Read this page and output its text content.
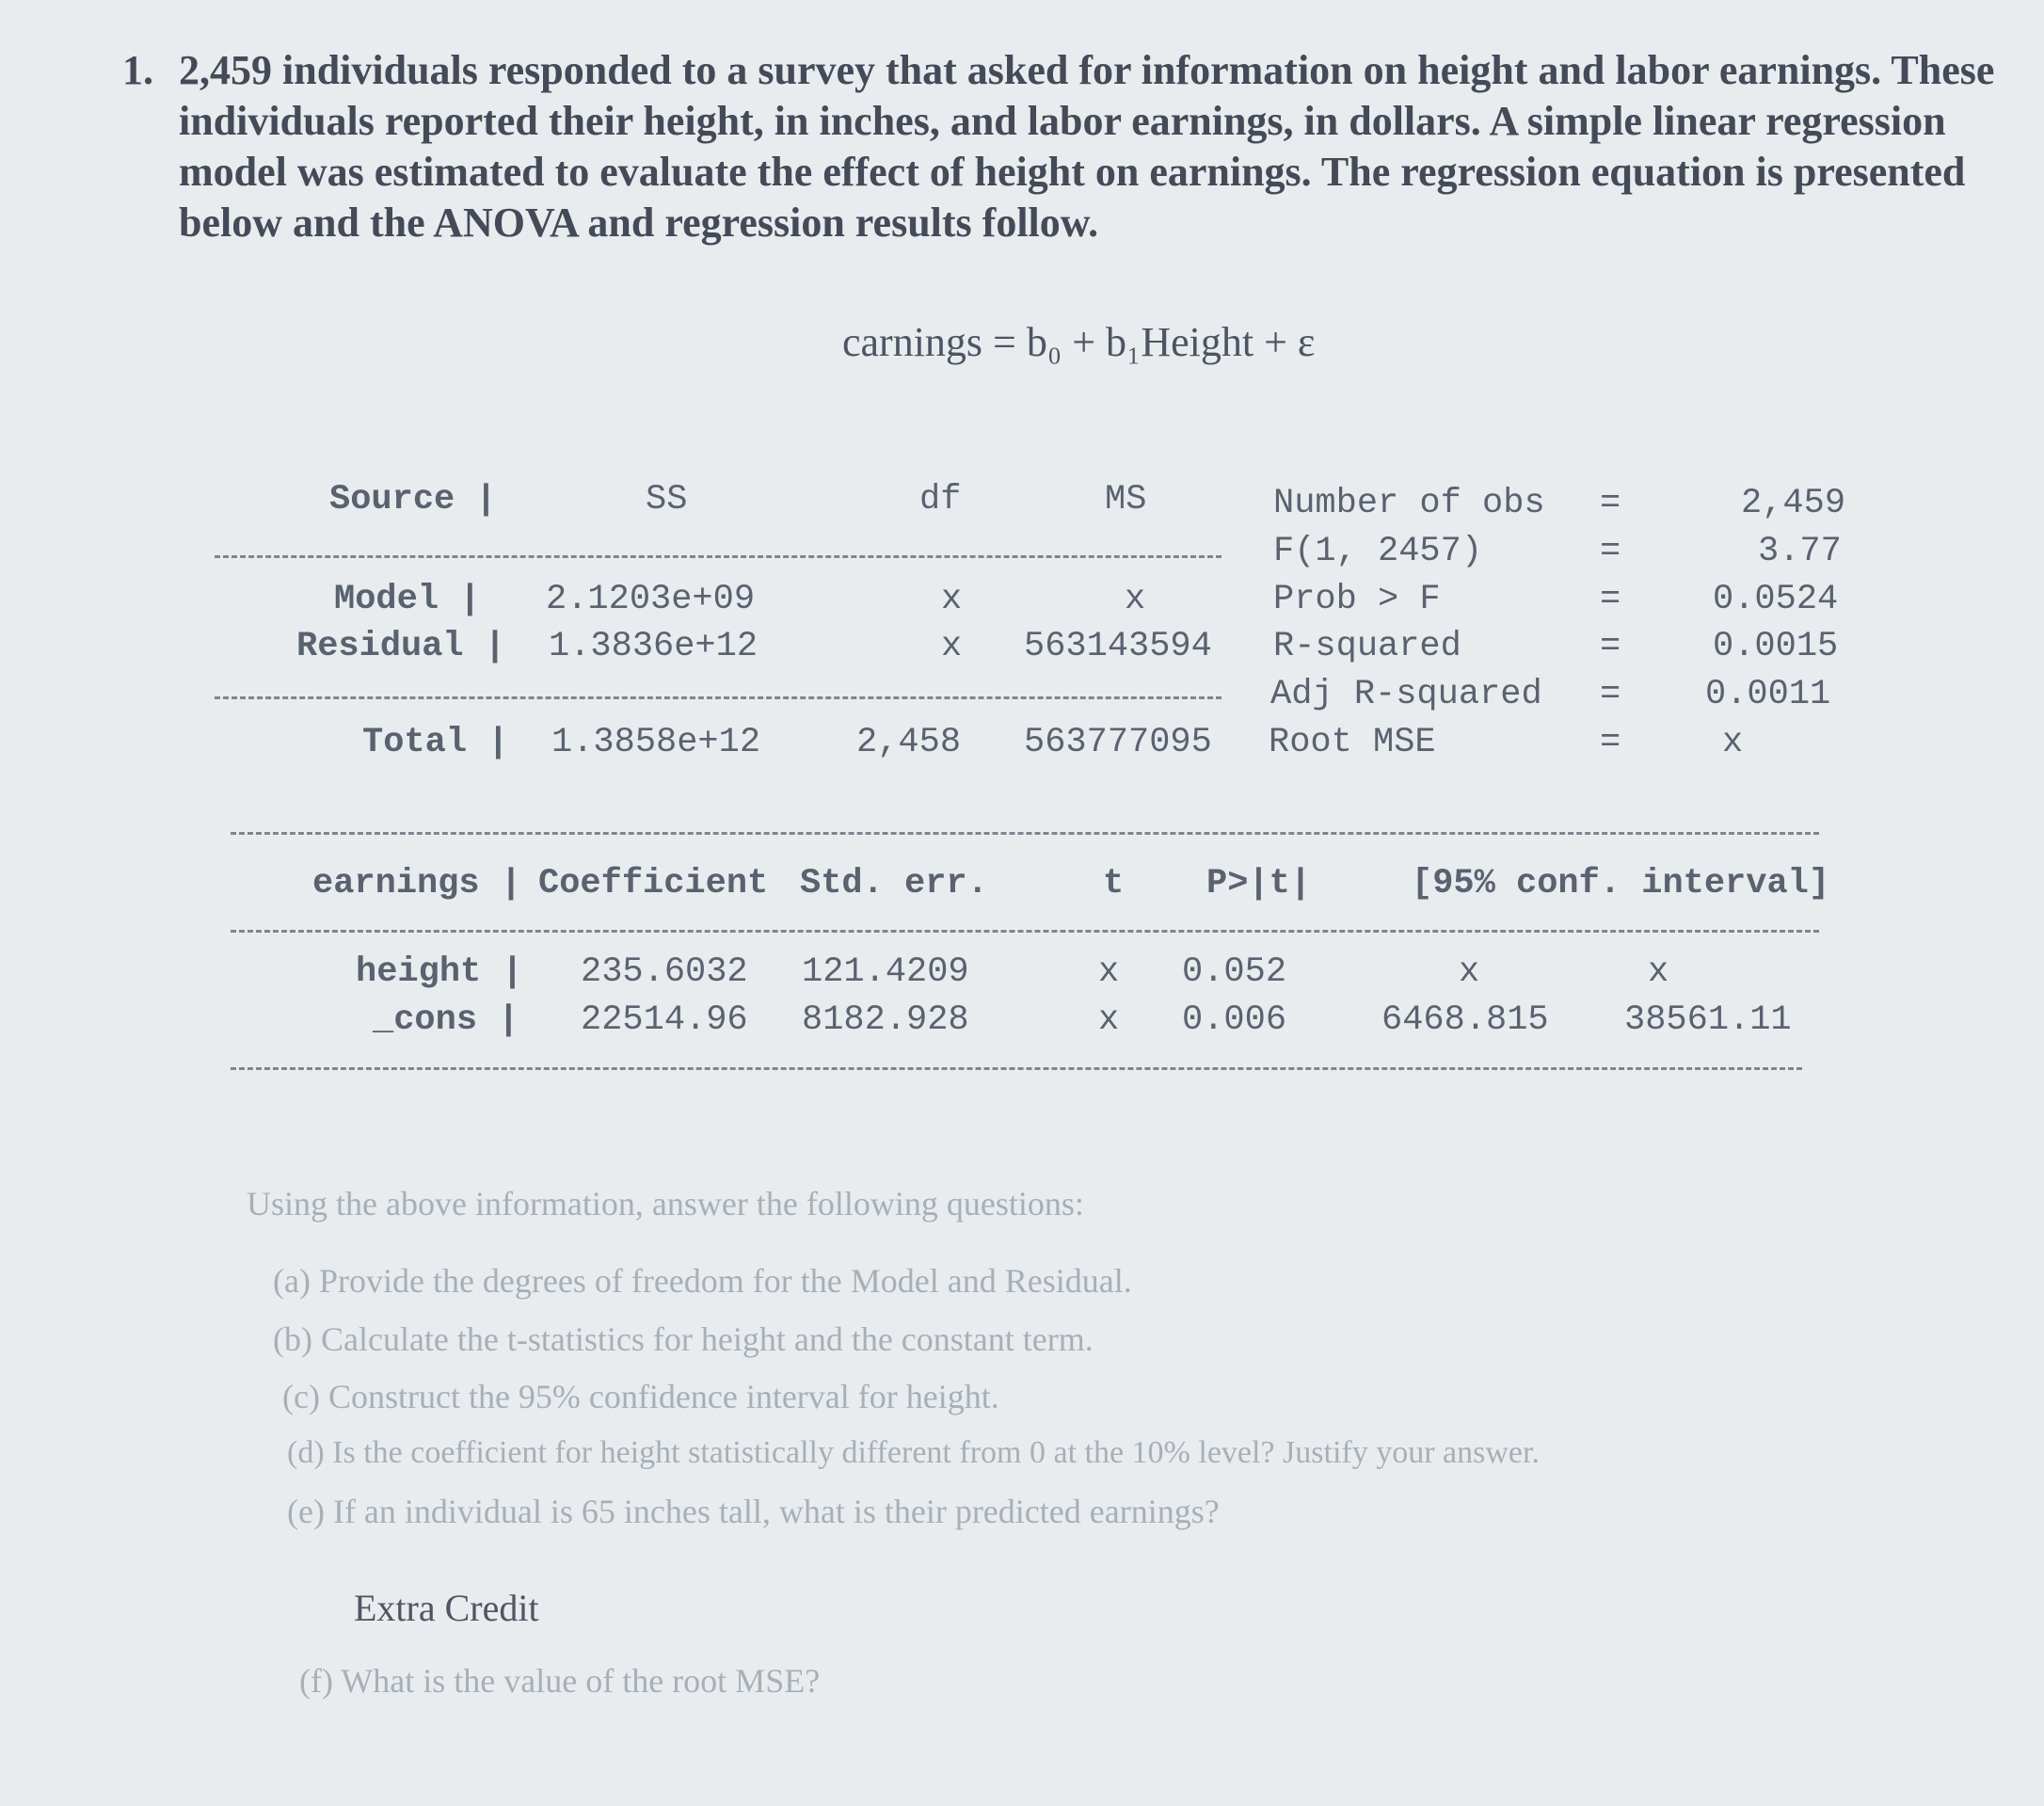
1. 2,459 individuals responded to a survey that asked for information on height and labor earnings. These individuals reported their height, in inches, and labor earnings, in dollars. A simple linear regression model was estimated to evaluate the effect of height on earnings. The regression equation is presented below and the ANOVA and regression results follow.
carnings = b₀ + b₁Height + ε
Source |	SS	df	MS
Model | 2.1203e+09	x	x
Residual | 1.3836e+12	x 563143594
Total | 1.3858e+12	2,458 563777095
Number of obs =	2,459
F(1, 2457)	=	3.77
Prob > F	=	0.0524
R-squared	=	0.0015
Adj R-squared = 0.0011
Root MSE	=	x
earnings | Coefficient Std. err.	t P>|t|	[95% conf. interval]
height | 235.6032 121.4209	x 0.052	x	x
_cons | 22514.96 8182.928	x 0.006	6468.815 38561.11
Using the above information, answer the following questions:
(a) Provide the degrees of freedom for the Model and Residual.
(b) Calculate the t-statistics for height and the constant term.
(c) Construct the 95% confidence interval for height.
(d) Is the coefficient for height statistically different from 0 at the 10% level? Justify your answer.
(e) If an individual is 65 inches tall, what is their predicted earnings?
Extra Credit
(f) What is the value of the root MSE?
